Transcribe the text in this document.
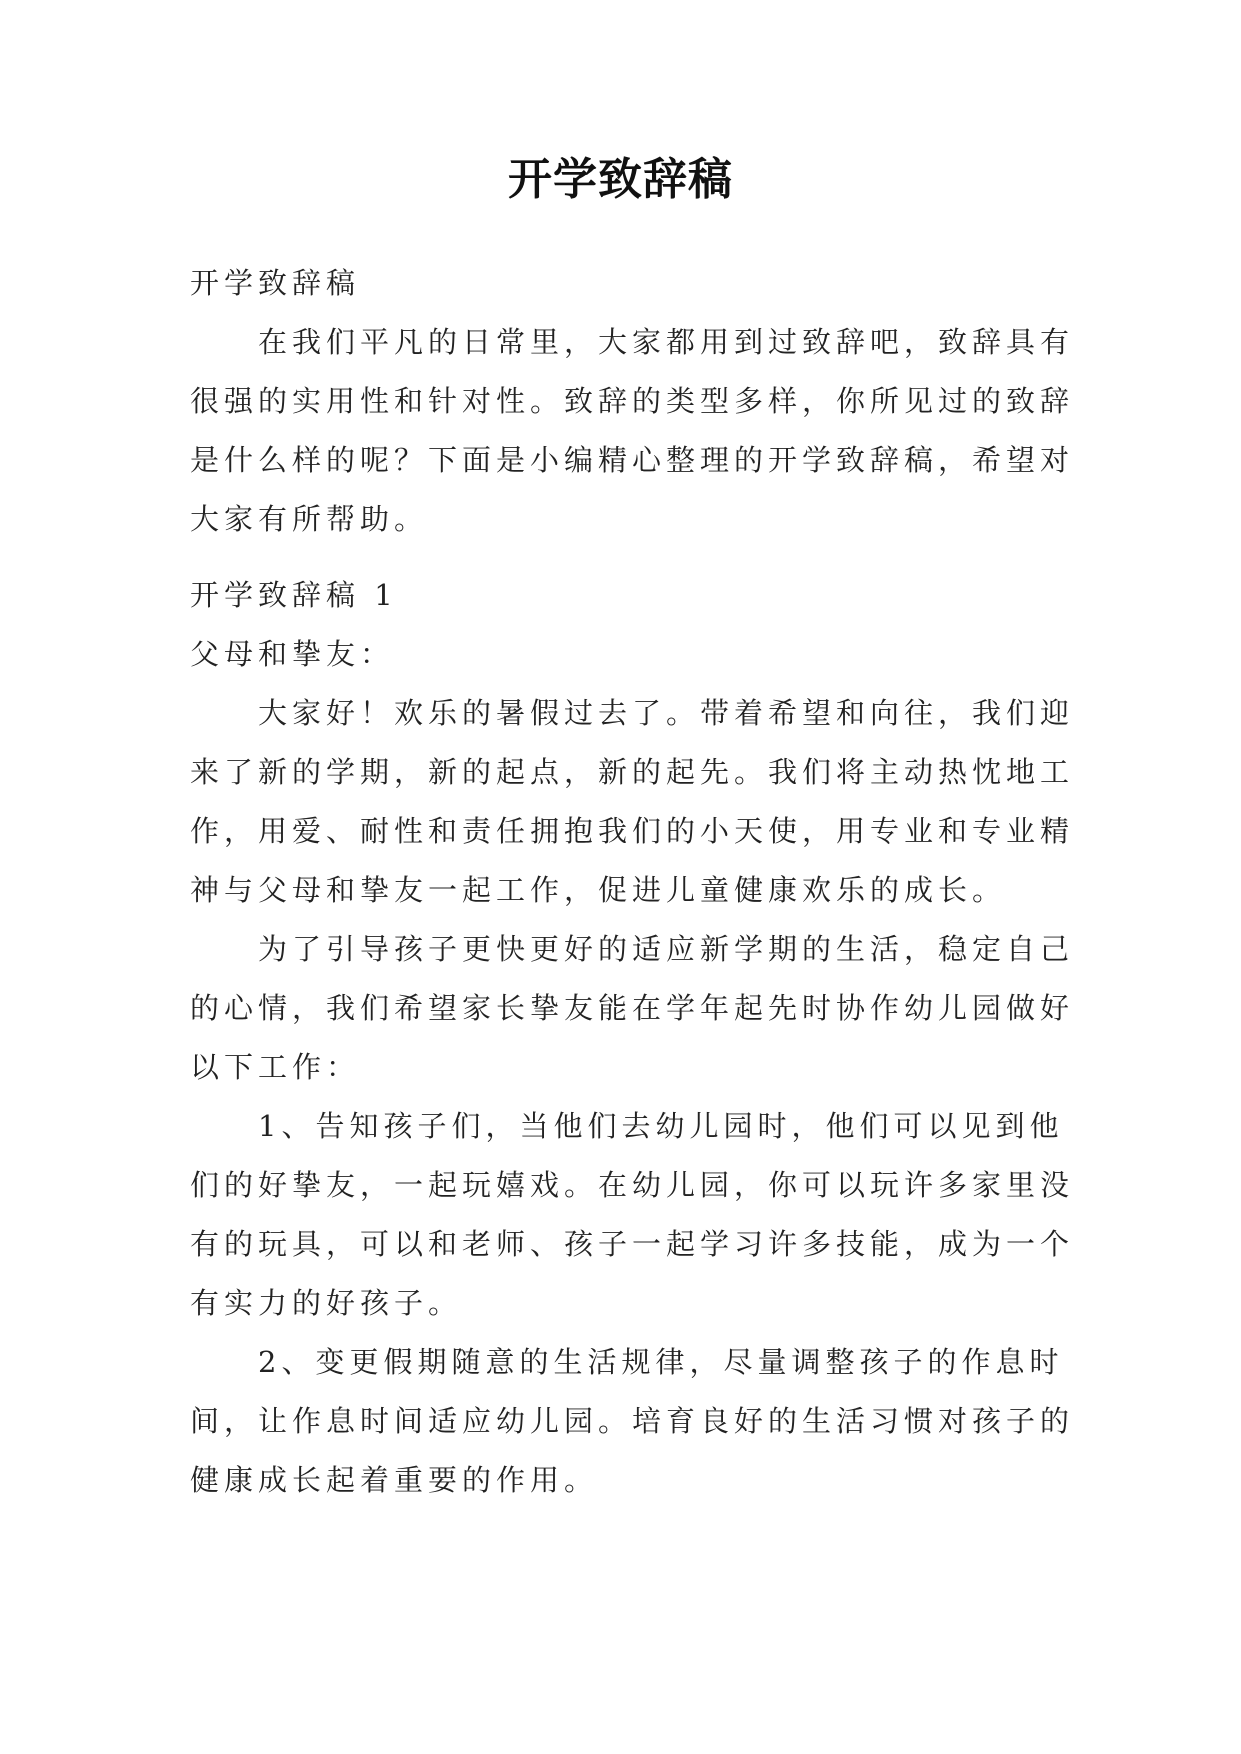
开学致辞稿
开学致辞稿
在我们平凡的日常里，大家都用到过致辞吧，致辞具有
很强的实用性和针对性。致辞的类型多样，你所见过的致辞
是什么样的呢？下面是小编精心整理的开学致辞稿，希望对
大家有所帮助。
开学致辞稿 1
父母和挚友：
大家好！欢乐的暑假过去了。带着希望和向往，我们迎
来了新的学期，新的起点，新的起先。我们将主动热忱地工
作，用爱、耐性和责任拥抱我们的小天使，用专业和专业精
神与父母和挚友一起工作，促进儿童健康欢乐的成长。
为了引导孩子更快更好的适应新学期的生活，稳定自己
的心情，我们希望家长挚友能在学年起先时协作幼儿园做好
以下工作：
1、告知孩子们，当他们去幼儿园时，他们可以见到他
们的好挚友，一起玩嬉戏。在幼儿园，你可以玩许多家里没
有的玩具，可以和老师、孩子一起学习许多技能，成为一个
有实力的好孩子。
2、变更假期随意的生活规律，尽量调整孩子的作息时
间，让作息时间适应幼儿园。培育良好的生活习惯对孩子的
健康成长起着重要的作用。
